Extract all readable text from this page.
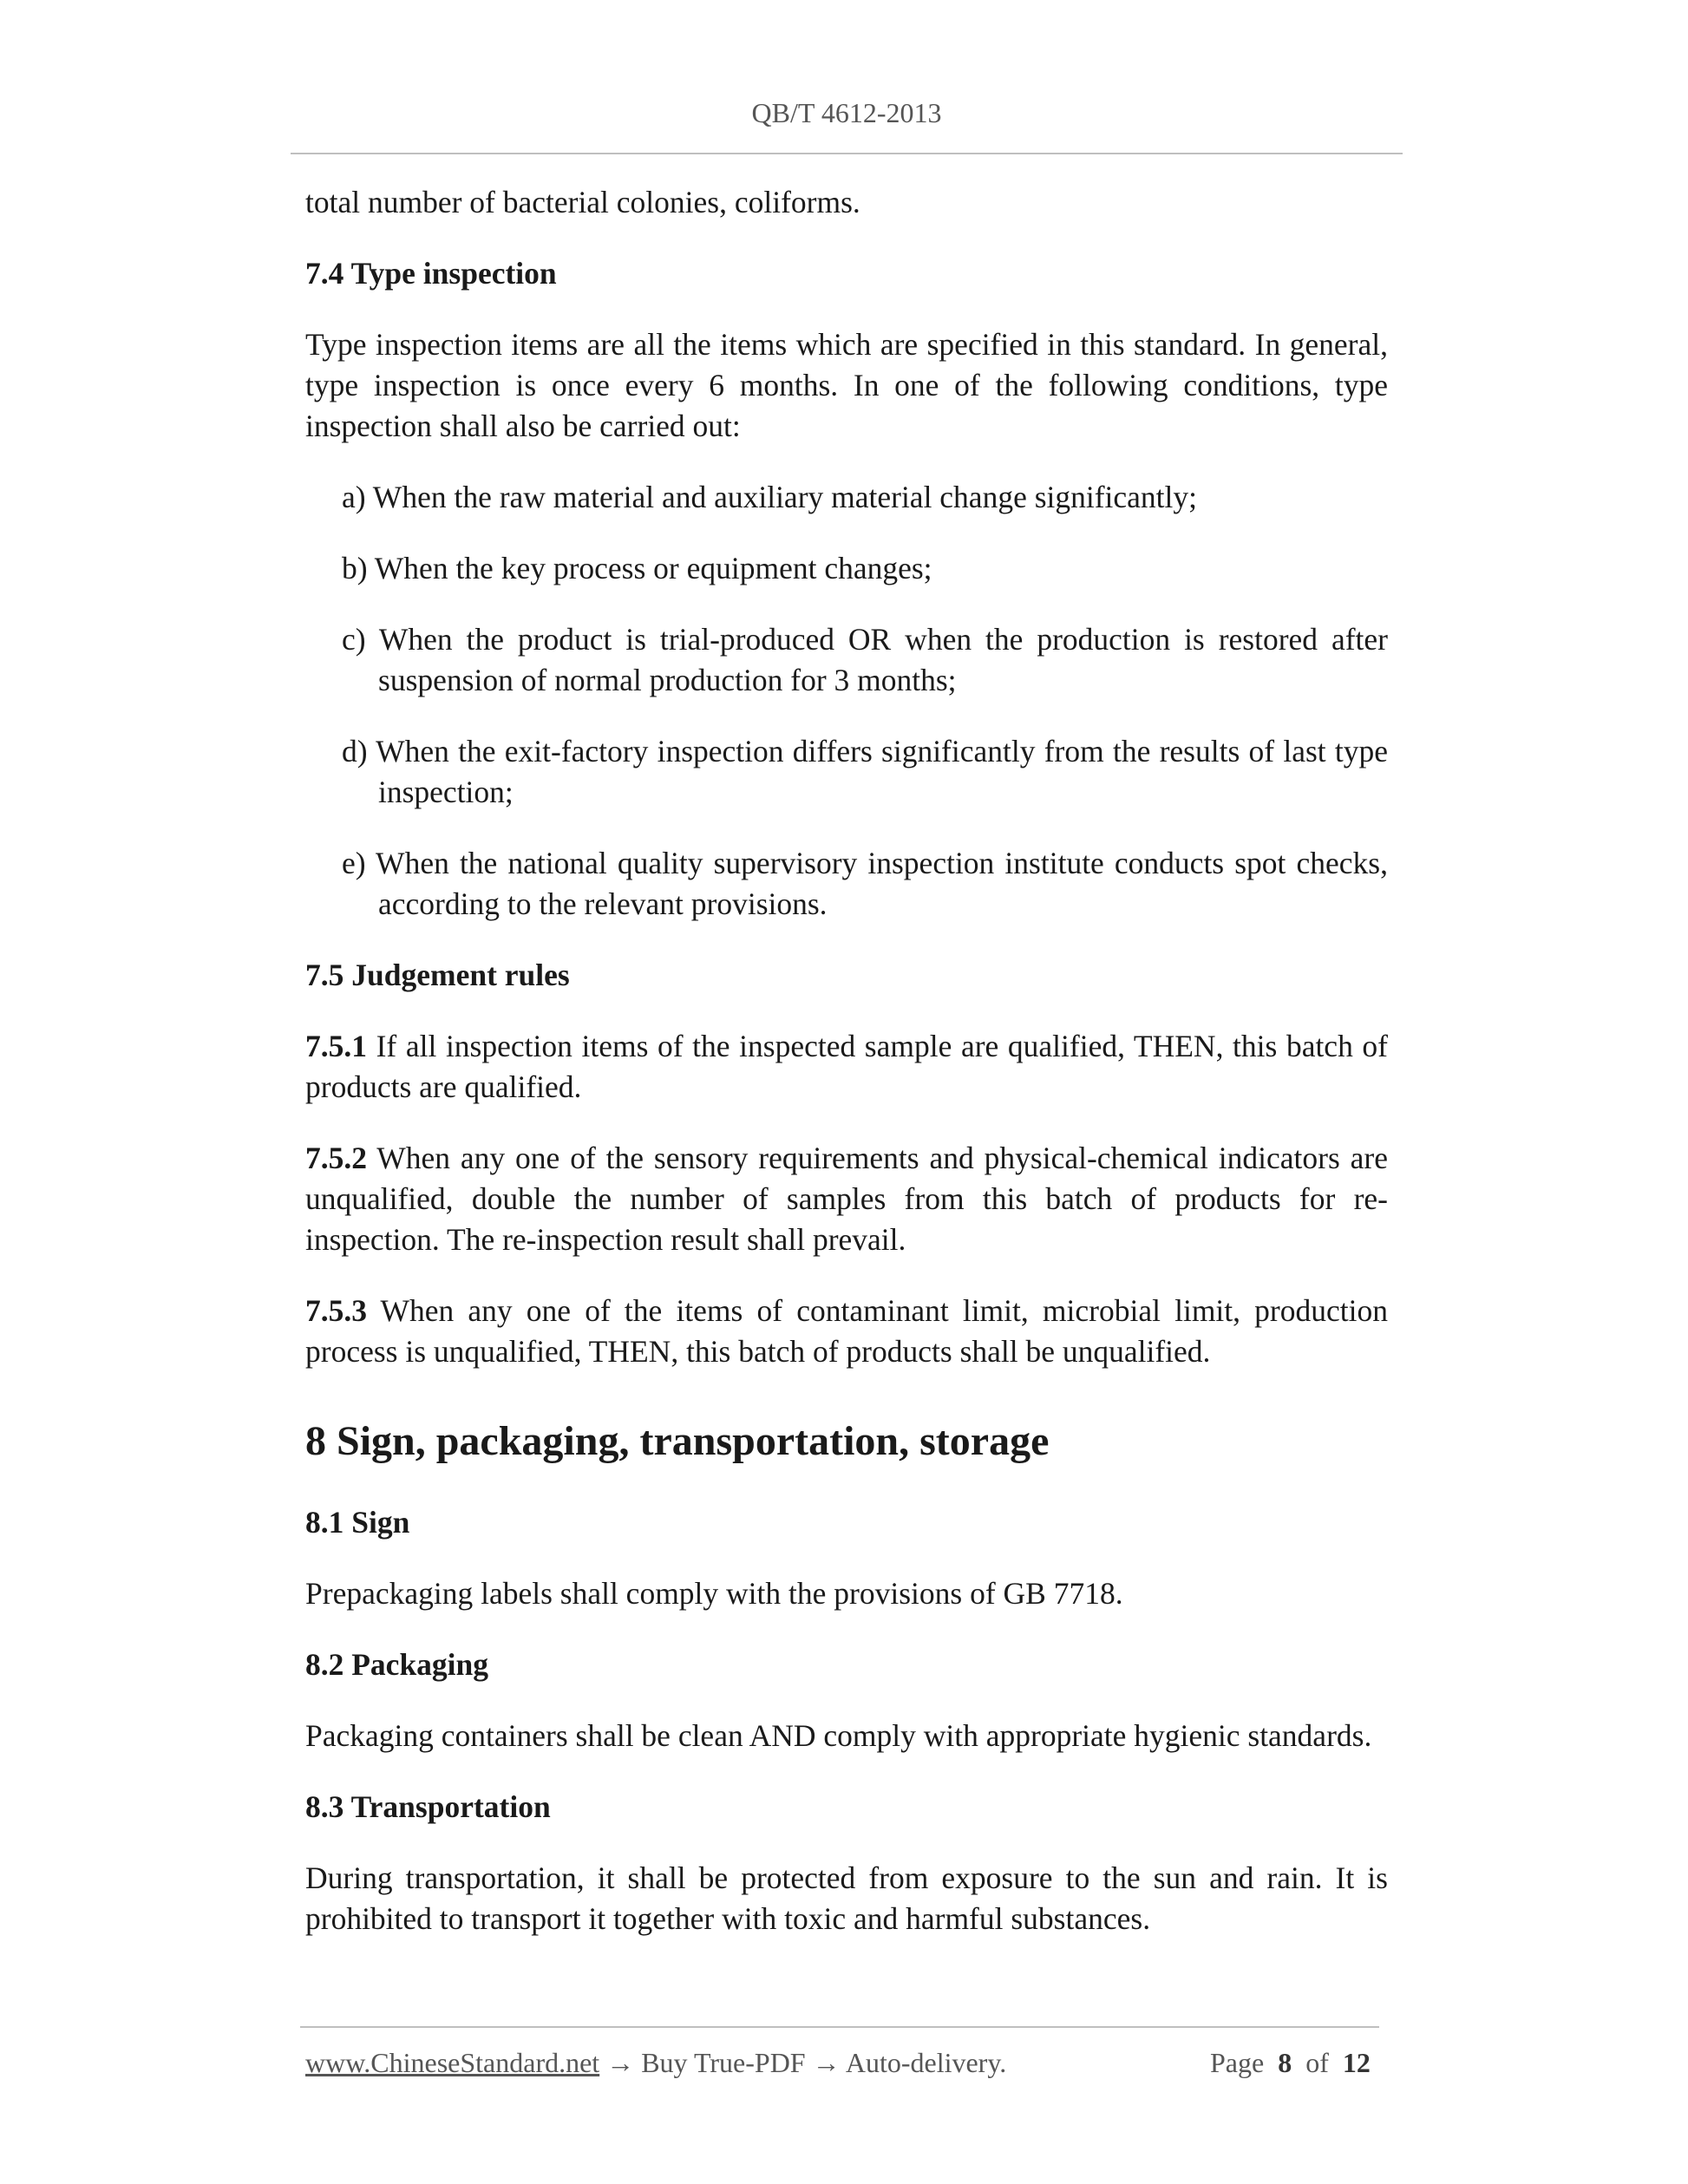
QB/T 4612-2013

total number of bacterial colonies, coliforms.

7.4 Type inspection

Type inspection items are all the items which are specified in this standard. In general, type inspection is once every 6 months. In one of the following conditions, type inspection shall also be carried out:

a) When the raw material and auxiliary material change significantly;

b) When the key process or equipment changes;

c) When the product is trial-produced OR when the production is restored after suspension of normal production for 3 months;

d) When the exit-factory inspection differs significantly from the results of last type inspection;

e) When the national quality supervisory inspection institute conducts spot checks, according to the relevant provisions.

7.5 Judgement rules

7.5.1 If all inspection items of the inspected sample are qualified, THEN, this batch of products are qualified.

7.5.2 When any one of the sensory requirements and physical-chemical indicators are unqualified, double the number of samples from this batch of products for re-inspection. The re-inspection result shall prevail.

7.5.3 When any one of the items of contaminant limit, microbial limit, production process is unqualified, THEN, this batch of products shall be unqualified.

8 Sign, packaging, transportation, storage

8.1 Sign

Prepackaging labels shall comply with the provisions of GB 7718.

8.2 Packaging

Packaging containers shall be clean AND comply with appropriate hygienic standards.

8.3 Transportation

During transportation, it shall be protected from exposure to the sun and rain. It is prohibited to transport it together with toxic and harmful substances.

www.ChineseStandard.net → Buy True-PDF → Auto-delivery.	Page 8 of 12
